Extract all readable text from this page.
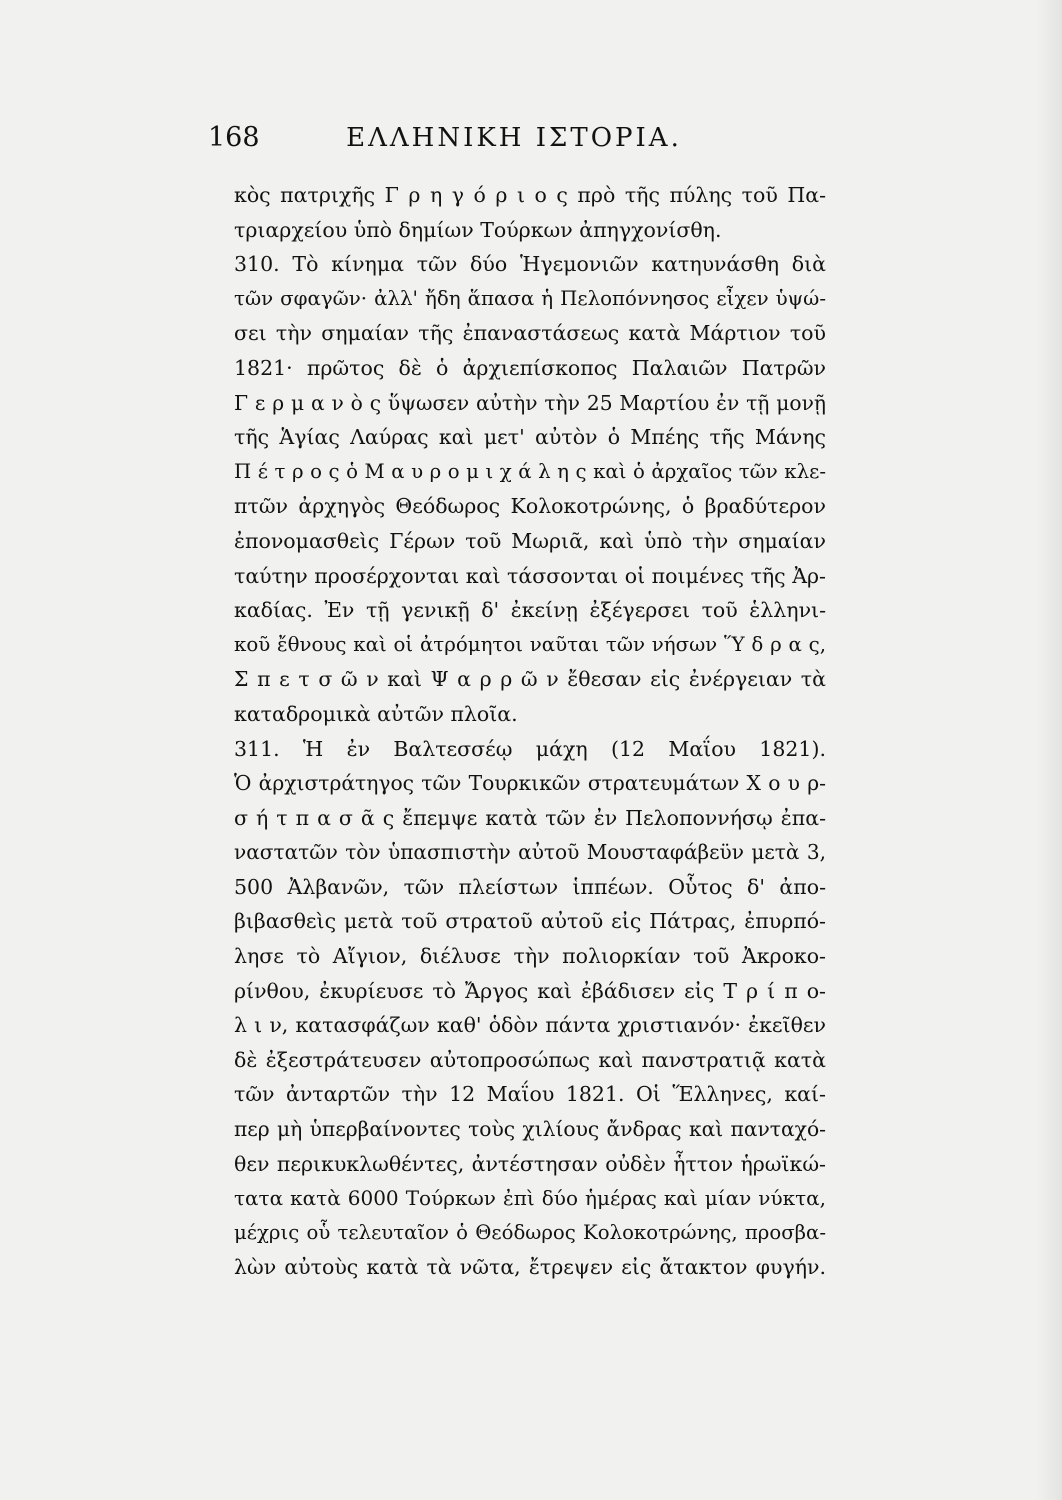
168	ΕΛΛΗΝΙΚΗ ΙΣΤΟΡΙΑ.
κὸς πατριχῆς Γ ρ η γ ό ρ ι ο ς πρὸ τῆς πύλης τοῦ Πα-
τριαρχείου ὑπὸ δημίων Τούρκων ἀπηγχονίσθη.
310. Τὸ κίνημα τῶν δύο Ἡγεμονιῶν κατηυνάσθη διὰ
τῶν σφαγῶν· ἀλλ' ἤδη ἅπασα ἡ Πελοπόννησος εἶχεν ὑψώ-
σει τὴν σημαίαν τῆς ἐπαναστάσεως κατὰ Μάρτιον τοῦ
1821· πρῶτος δὲ ὁ ἀρχιεπίσκοπος Παλαιῶν Πατρῶν
Γ ε ρ μ α ν ὸ ς ὕψωσεν αὐτὴν τὴν 25 Μαρτίου ἐν τῇ μονῇ
τῆς Ἁγίας Λαύρας καὶ μετ' αὐτὸν ὁ Μπέης τῆς Μάνης
Π έ τ ρ ο ς ὁ Μ α υ ρ ο μ ι χ ά λ η ς καὶ ὁ ἀρχαῖος τῶν κλε-
πτῶν ἀρχηγὸς Θεόδωρος Κολοκοτρώνης, ὁ βραδύτερον
ἐπονομασθεὶς Γέρων τοῦ Μωριᾶ, καὶ ὑπὸ τὴν σημαίαν
ταύτην προσέρχονται καὶ τάσσονται οἱ ποιμένες τῆς Ἀρ-
καδίας. Ἐν τῇ γενικῇ δ' ἐκείνῃ ἐξέγερσει τοῦ ἑλληνι-
κοῦ ἔθνους καὶ οἱ ἀτρόμητοι ναῦται τῶν νήσων Ὕ δ ρ α ς,
Σ π ε τ σ ῶ ν καὶ Ψ α ρ ρ ῶ ν ἔθεσαν εἰς ἐνέργειαν τὰ
καταδρομικὰ αὐτῶν πλοῖα.
311. Ἡ ἐν Βαλτεσσέῳ μάχη (12 Μαΐου 1821).
Ὁ ἀρχιστράτηγος τῶν Τουρκικῶν στρατευμάτων Χ ο υ ρ-
σ ή τ π α σ ᾶ ς ἔπεμψε κατὰ τῶν ἐν Πελοποννήσῳ ἐπα-
ναστατῶν τὸν ὑπασπιστὴν αὐτοῦ Μουσταφάβεϋν μετὰ 3,
500 Ἀλβανῶν, τῶν πλείστων ἱππέων. Οὗτος δ' ἀπο-
βιβασθεὶς μετὰ τοῦ στρατοῦ αὐτοῦ εἰς Πάτρας, ἐπυρπό-
λησε τὸ Αἴγιον, διέλυσε τὴν πολιορκίαν τοῦ Ἀκροκο-
ρίνθου, ἐκυρίευσε τὸ Ἄργος καὶ ἐβάδισεν εἰς Τ ρ ί π ο-
λ ι ν, κατασφάζων καθ' ὁδὸν πάντα χριστιανόν· ἐκεῖθεν
δὲ ἐξεστράτευσεν αὐτοπροσώπως καὶ πανστρατιᾷ κατὰ
τῶν ἀνταρτῶν τὴν 12 Μαΐου 1821. Οἱ Ἕλληνες, καί-
περ μὴ ὑπερβαίνοντες τοὺς χιλίους ἄνδρας καὶ πανταχό-
θεν περικυκλωθέντες, ἀντέστησαν οὐδὲν ἧττον ἡρωϊκώ-
τατα κατὰ 6000 Τούρκων ἐπὶ δύο ἡμέρας καὶ μίαν νύκτα,
μέχρις οὗ τελευταῖον ὁ Θεόδωρος Κολοκοτρώνης, προσβα-
λὼν αὐτοὺς κατὰ τὰ νῶτα, ἔτρεψεν εἰς ἄτακτον φυγήν.
